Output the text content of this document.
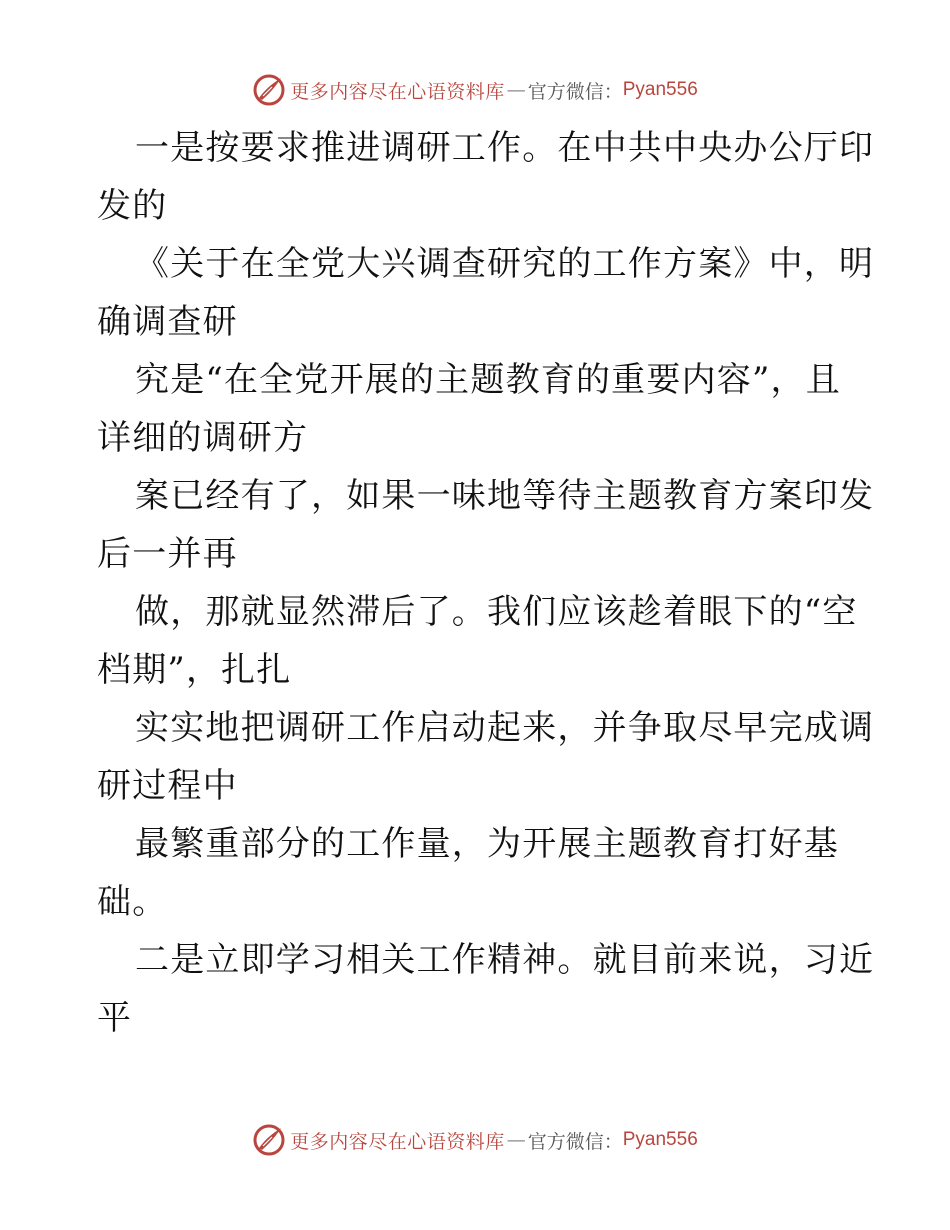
更多内容尽在心语资料库 — 官方微信： Pyan556
一是按要求推进调研工作。在中共中央办公厅印
发的
《关于在全党大兴调查研究的工作方案》中，明
确调查研
究是“在全党开展的主题教育的重要内容”，且
详细的调研方
案已经有了，如果一味地等待主题教育方案印发
后一并再
做，那就显然滞后了。我们应该趁着眼下的“空
档期”，扎扎
实实地把调研工作启动起来，并争取尽早完成调
研过程中
最繁重部分的工作量，为开展主题教育打好基
础。
二是立即学习相关工作精神。就目前来说，习近
平
更多内容尽在心语资料库 — 官方微信： Pyan556
